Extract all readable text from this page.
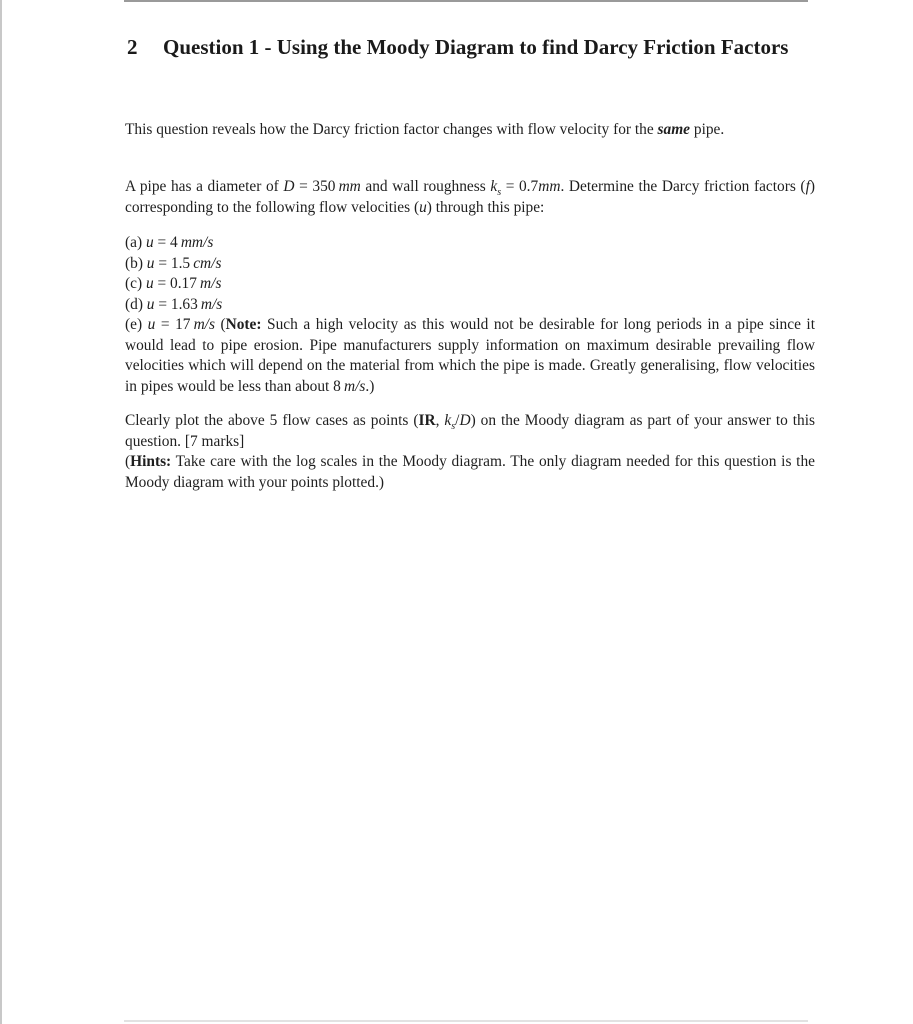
2 Question 1 - Using the Moody Diagram to find Darcy Friction Factors
This question reveals how the Darcy friction factor changes with flow velocity for the same pipe.
A pipe has a diameter of D = 350  mm and wall roughness $k_s = 0.7mm$. Determine the Darcy friction factors (f) corresponding to the following flow velocities (u) through this pipe:
(a) u = 4  mm/s
(b) u = 1.5  cm/s
(c) u = 0.17  m/s
(d) u = 1.63  m/s
(e) u = 17  m/s (Note: Such a high velocity as this would not be desirable for long periods in a pipe since it would lead to pipe erosion. Pipe manufacturers supply information on maximum desirable prevailing flow velocities which will depend on the material from which the pipe is made. Greatly generalising, flow velocities in pipes would be less than about 8  m/s.)
Clearly plot the above 5 flow cases as points (IR, $k_s/D$) on the Moody diagram as part of your answer to this question. [7 marks]
(Hints: Take care with the log scales in the Moody diagram. The only diagram needed for this question is the Moody diagram with your points plotted.)
